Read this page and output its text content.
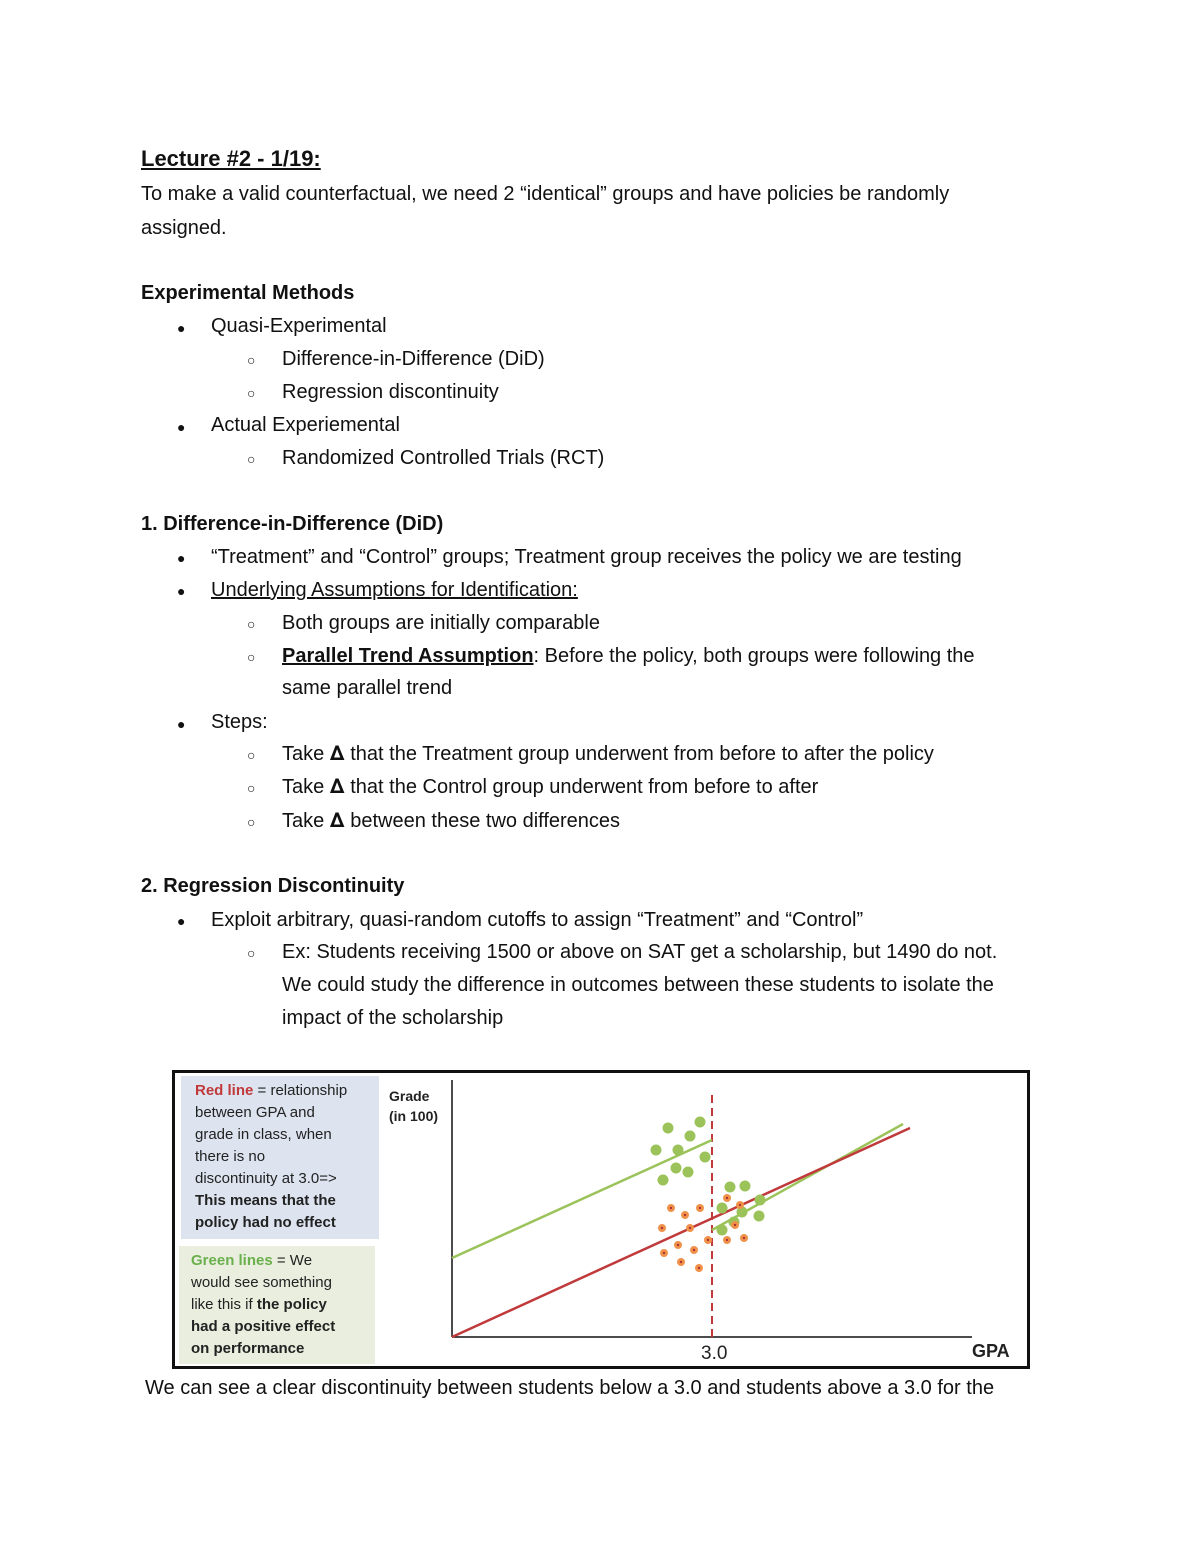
Lecture #2 - 1/19:
To make a valid counterfactual, we need 2 “identical” groups and have policies be randomly
assigned.
Experimental Methods
● Quasi-Experimental
○ Difference-in-Difference (DiD)
○ Regression discontinuity
● Actual Experiemental
○ Randomized Controlled Trials (RCT)
1. Difference-in-Difference (DiD)
● “Treatment” and “Control” groups; Treatment group receives the policy we are testing
● Underlying Assumptions for Identification:
○ Both groups are initially comparable
○ Parallel Trend Assumption: Before the policy, both groups were following the
same parallel trend
● Steps:
○ Take 𝚫 that the Treatment group underwent from before to after the policy
○ Take 𝚫 that the Control group underwent from before to after
○ Take 𝚫 between these two differences
2. Regression Discontinuity
● Exploit arbitrary, quasi-random cutoffs to assign “Treatment” and “Control”
○ Ex: Students receiving 1500 or above on SAT get a scholarship, but 1490 do not.
We could study the difference in outcomes between these students to isolate the
impact of the scholarship
Red line = relationship
between GPA and
grade in class, when
there is no
discontinuity at 3.0=>
This means that the
policy had no effect
Green lines = We
would see something
like this if the policy
had a positive effect
on performance
Grade
(in 100)
3.0	GPA
We can see a clear discontinuity between students below a 3.0 and students above a 3.0 for the
